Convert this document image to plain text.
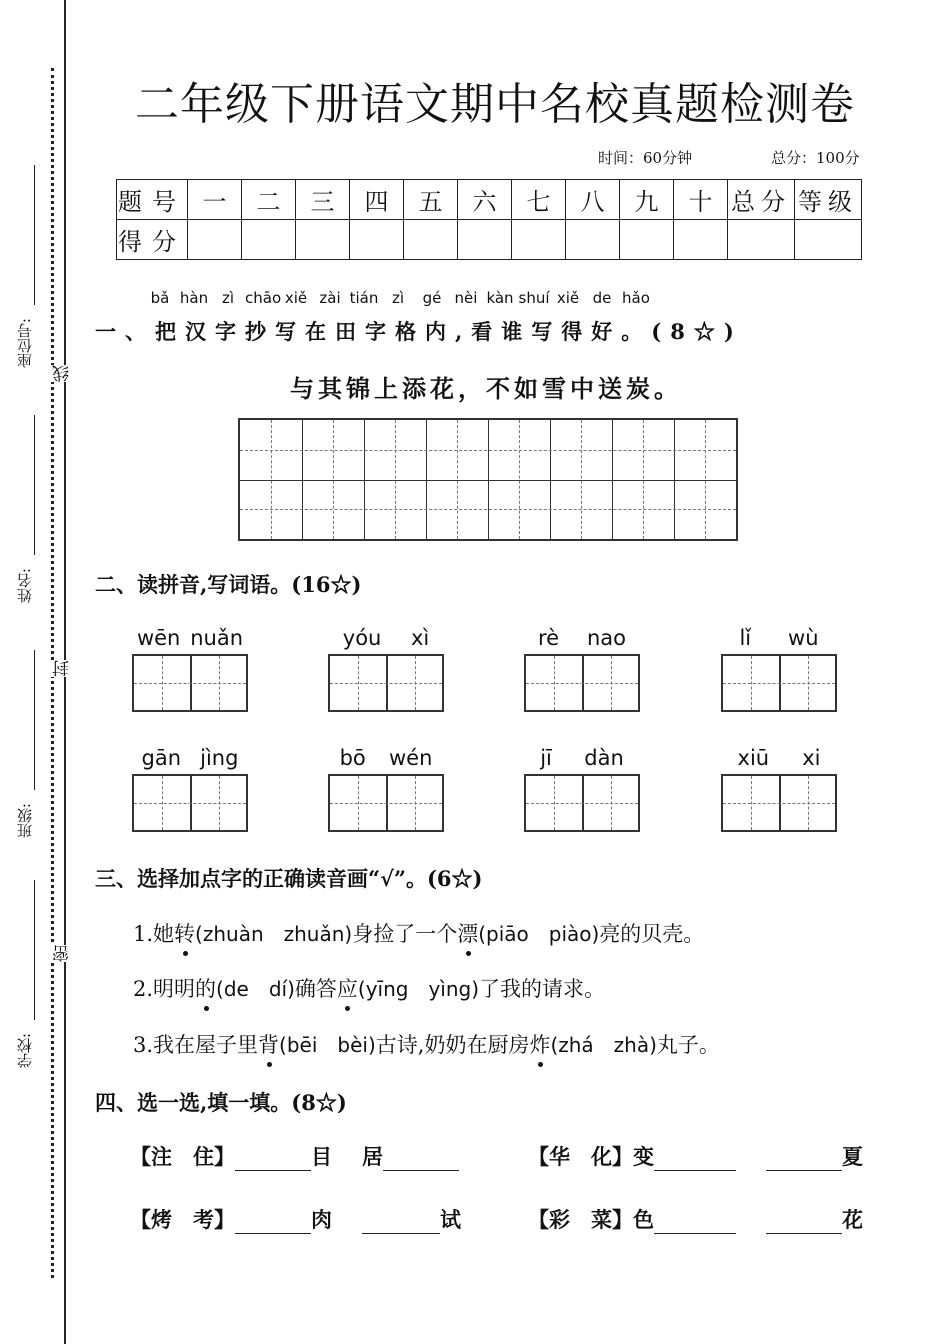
座位号:
线
姓名:
封
班级:
密
学校:
二年级下册语文期中名校真题检测卷
时间：60分钟	总分：100分
题号	一	二	三	四	五	六	七	八	九	十	总分	等级
得分												
bǎ hàn zì chāo xiě zài tián zì gé nèi kàn shuí xiě de hǎo
一、把汉字抄写在田字格内,看谁写得好。(8☆)
与其锦上添花，不如雪中送炭。
二、读拼音,写词语。(16☆)
wēn nuǎn	yóu xì	rè nao	lǐ wù
gān jìng	bō wén	jī dàn	xiū xi
三、选择加点字的正确读音画“√”。(6☆)
1.她转(zhuàn　zhuǎn)身捡了一个漂(piāo　piào)亮的贝壳。
2.明明的(de　dí)确答应(yīng　yìng)了我的请求。
3.我在屋子里背(bēi　bèi)古诗,奶奶在厨房炸(zhá　zhà)丸子。
四、选一选,填一填。(8☆)
【注　住】	目 居	【华　化】变	夏
【烤　考】	肉	试	【彩　菜】色	花
